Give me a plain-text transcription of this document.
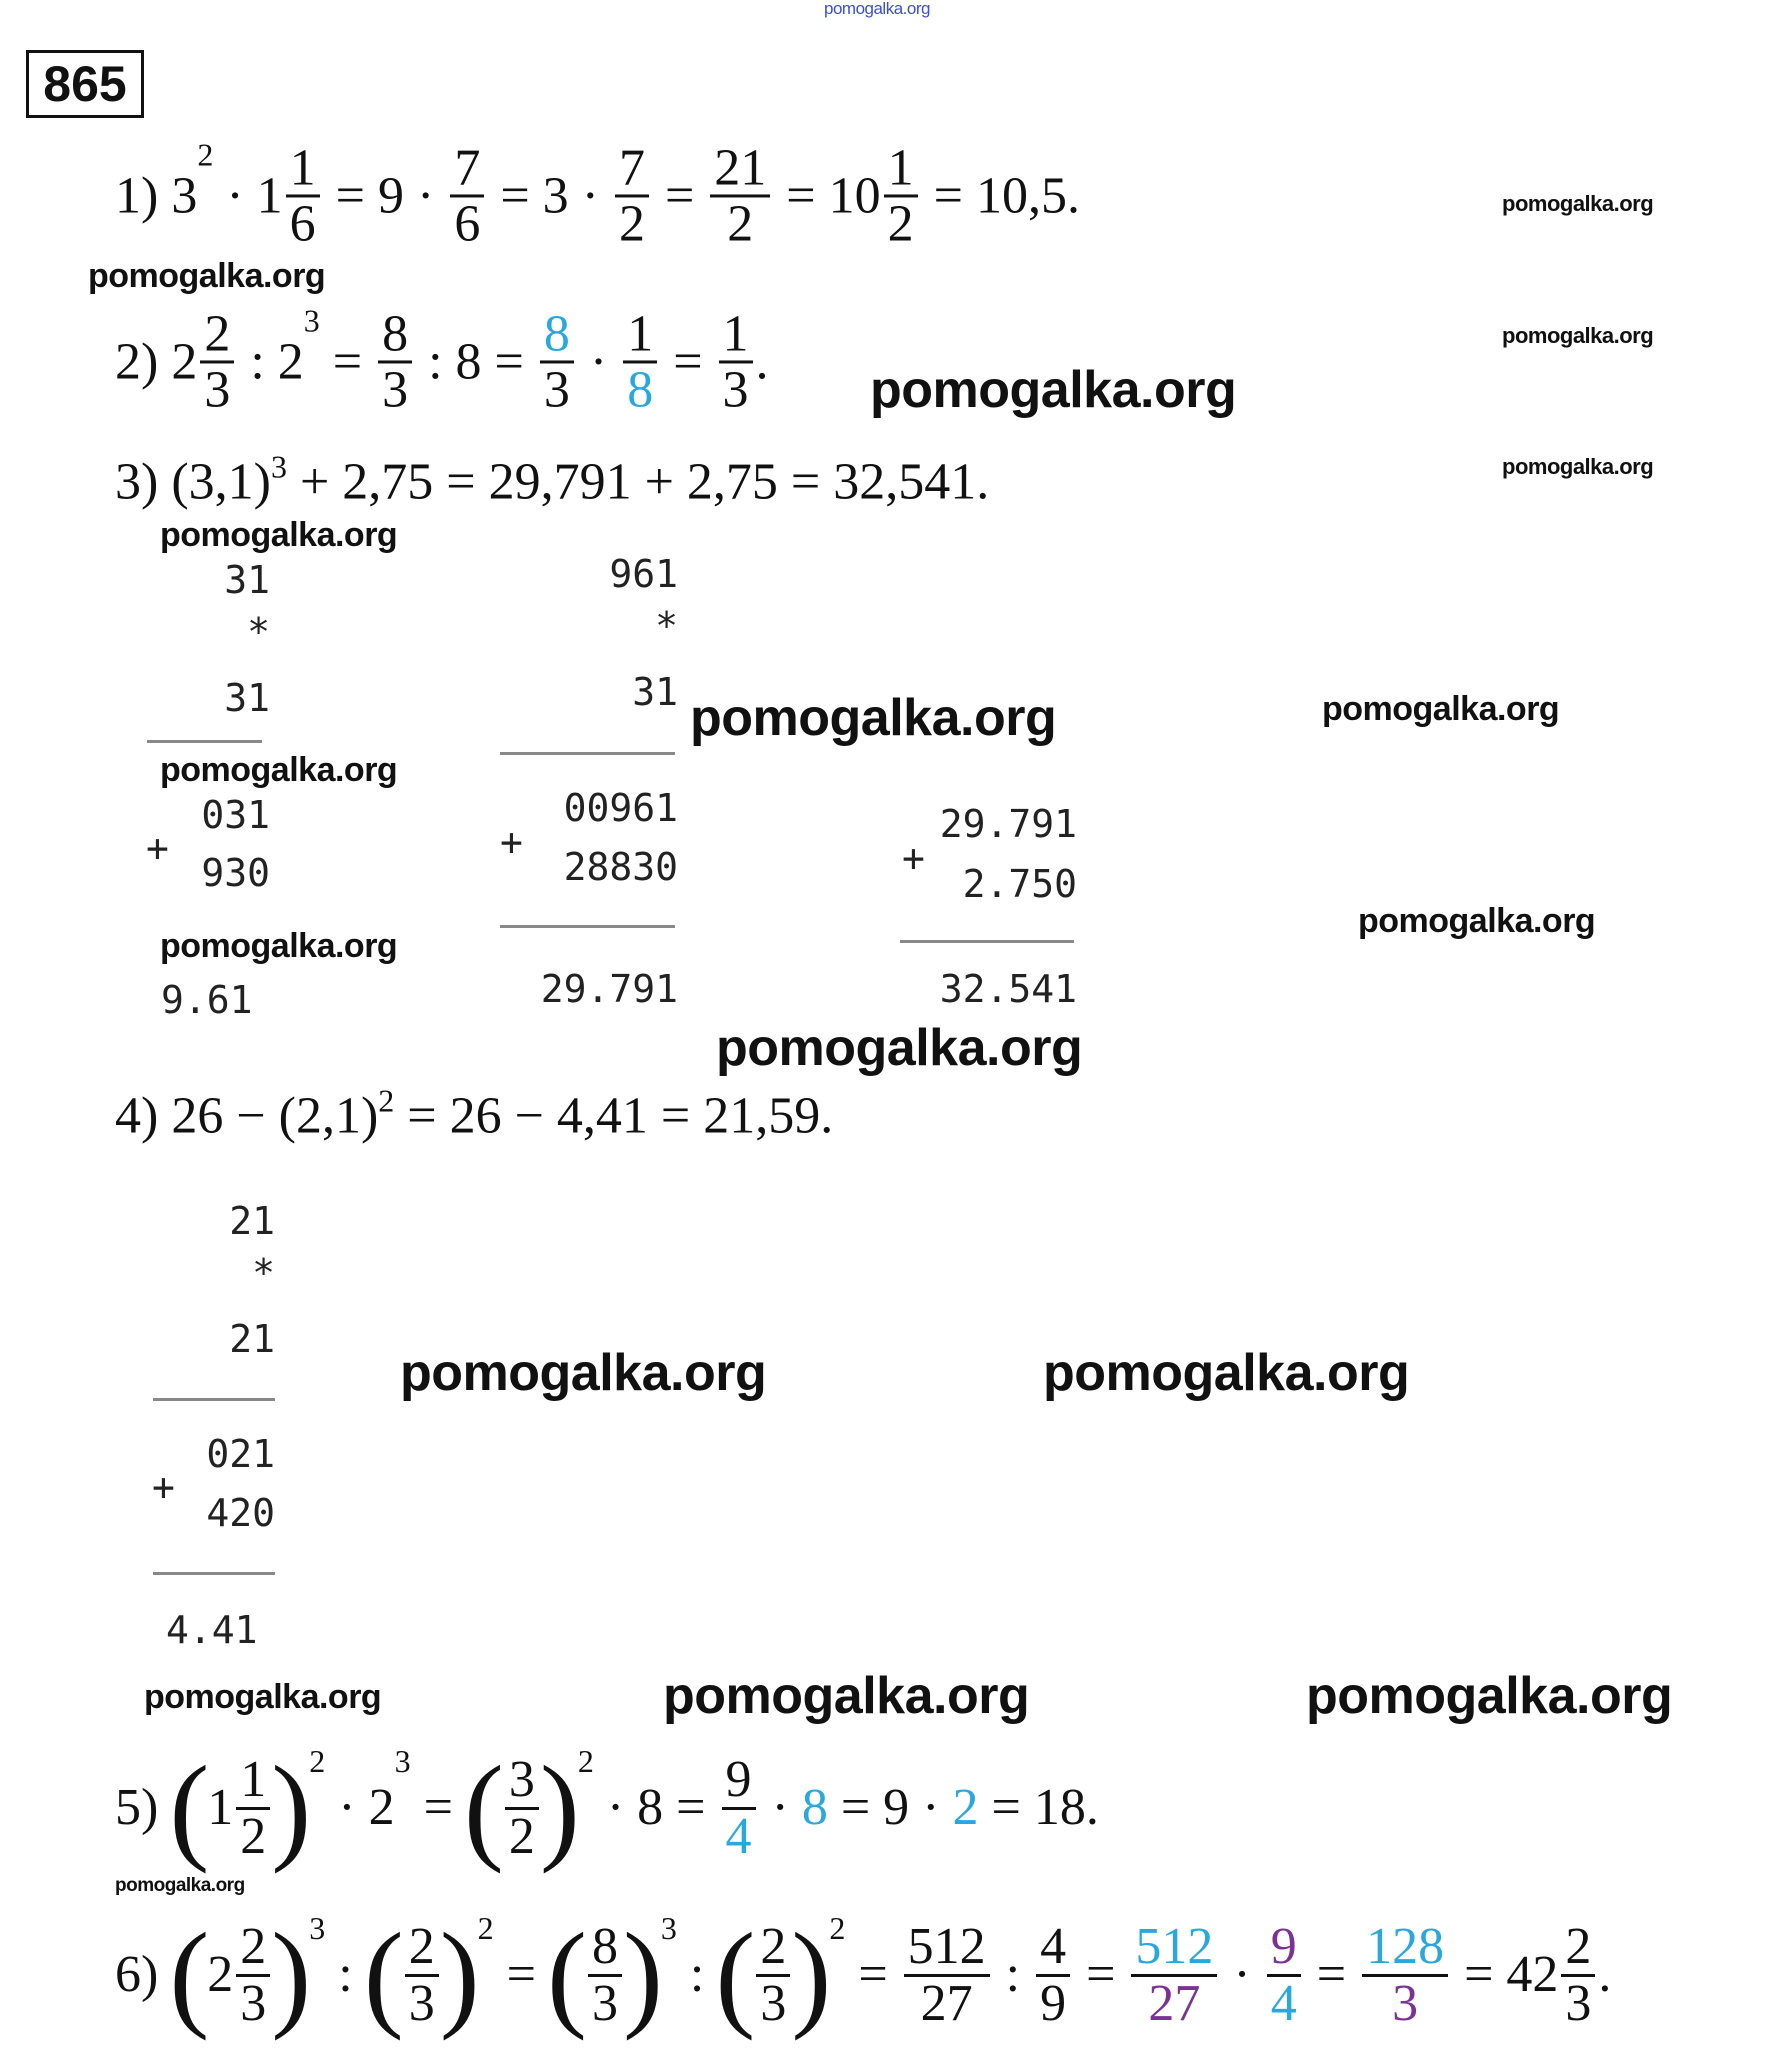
pomogalka.org
865
1) 3
2
· $1 \frac{1}{6} = 9 \cdot \frac{7}{6} = 3 \cdot \frac{7}{2} = \frac{21}{2} = 10 \frac{1}{2} = 10,5$.
2) $2 \frac{2}{3}$ : 2
3
= $\frac{8}{3}$ : $8 = \frac{8}{3} \cdot \frac{1}{8} = \frac{1}{3}$ .
3) (3,1) 3 + 2,75 = 29,791 + 2,75 = 32,541.
4) 26 − (2,1) 2 = 26 − 4,41 = 21,59.
5)
(
$1 \frac{1}{2}$ )
2
· 2
3
=
( $\frac{3}{2}$ )
2
· $8 = \frac{9}{4} \cdot 8 = 9 \cdot 2 = 18$.
6)
(
$2 \frac{2}{3}$ )
3
:
( $\frac{2}{3}$ )
2
=
( $\frac{8}{3}$ )
3
:
( $\frac{2}{3}$ )
2
= $\frac{512}{27}$ : $\frac{4}{9} = \frac{512}{27} \cdot \frac{9}{4} = \frac{128}{3} = 42 \frac{2}{3}$ .
pomogalka.org
pomogalka.org
pomogalka.org
pomogalka.org
pomogalka.org
pomogalka.org
pomogalka.org	pomogalka.org
pomogalka.org
pomogalka.org
pomogalka.org
pomogalka.org
pomogalka.org	pomogalka.org
pomogalka.org	pomogalka.org	pomogalka.org
pomogalka.org
31
*
31
031
+
930
9.61
961
*
31
00961
+
28830
29.791
29.791
+
2.750
32.541
21
*
21
021
+
420
4.41
